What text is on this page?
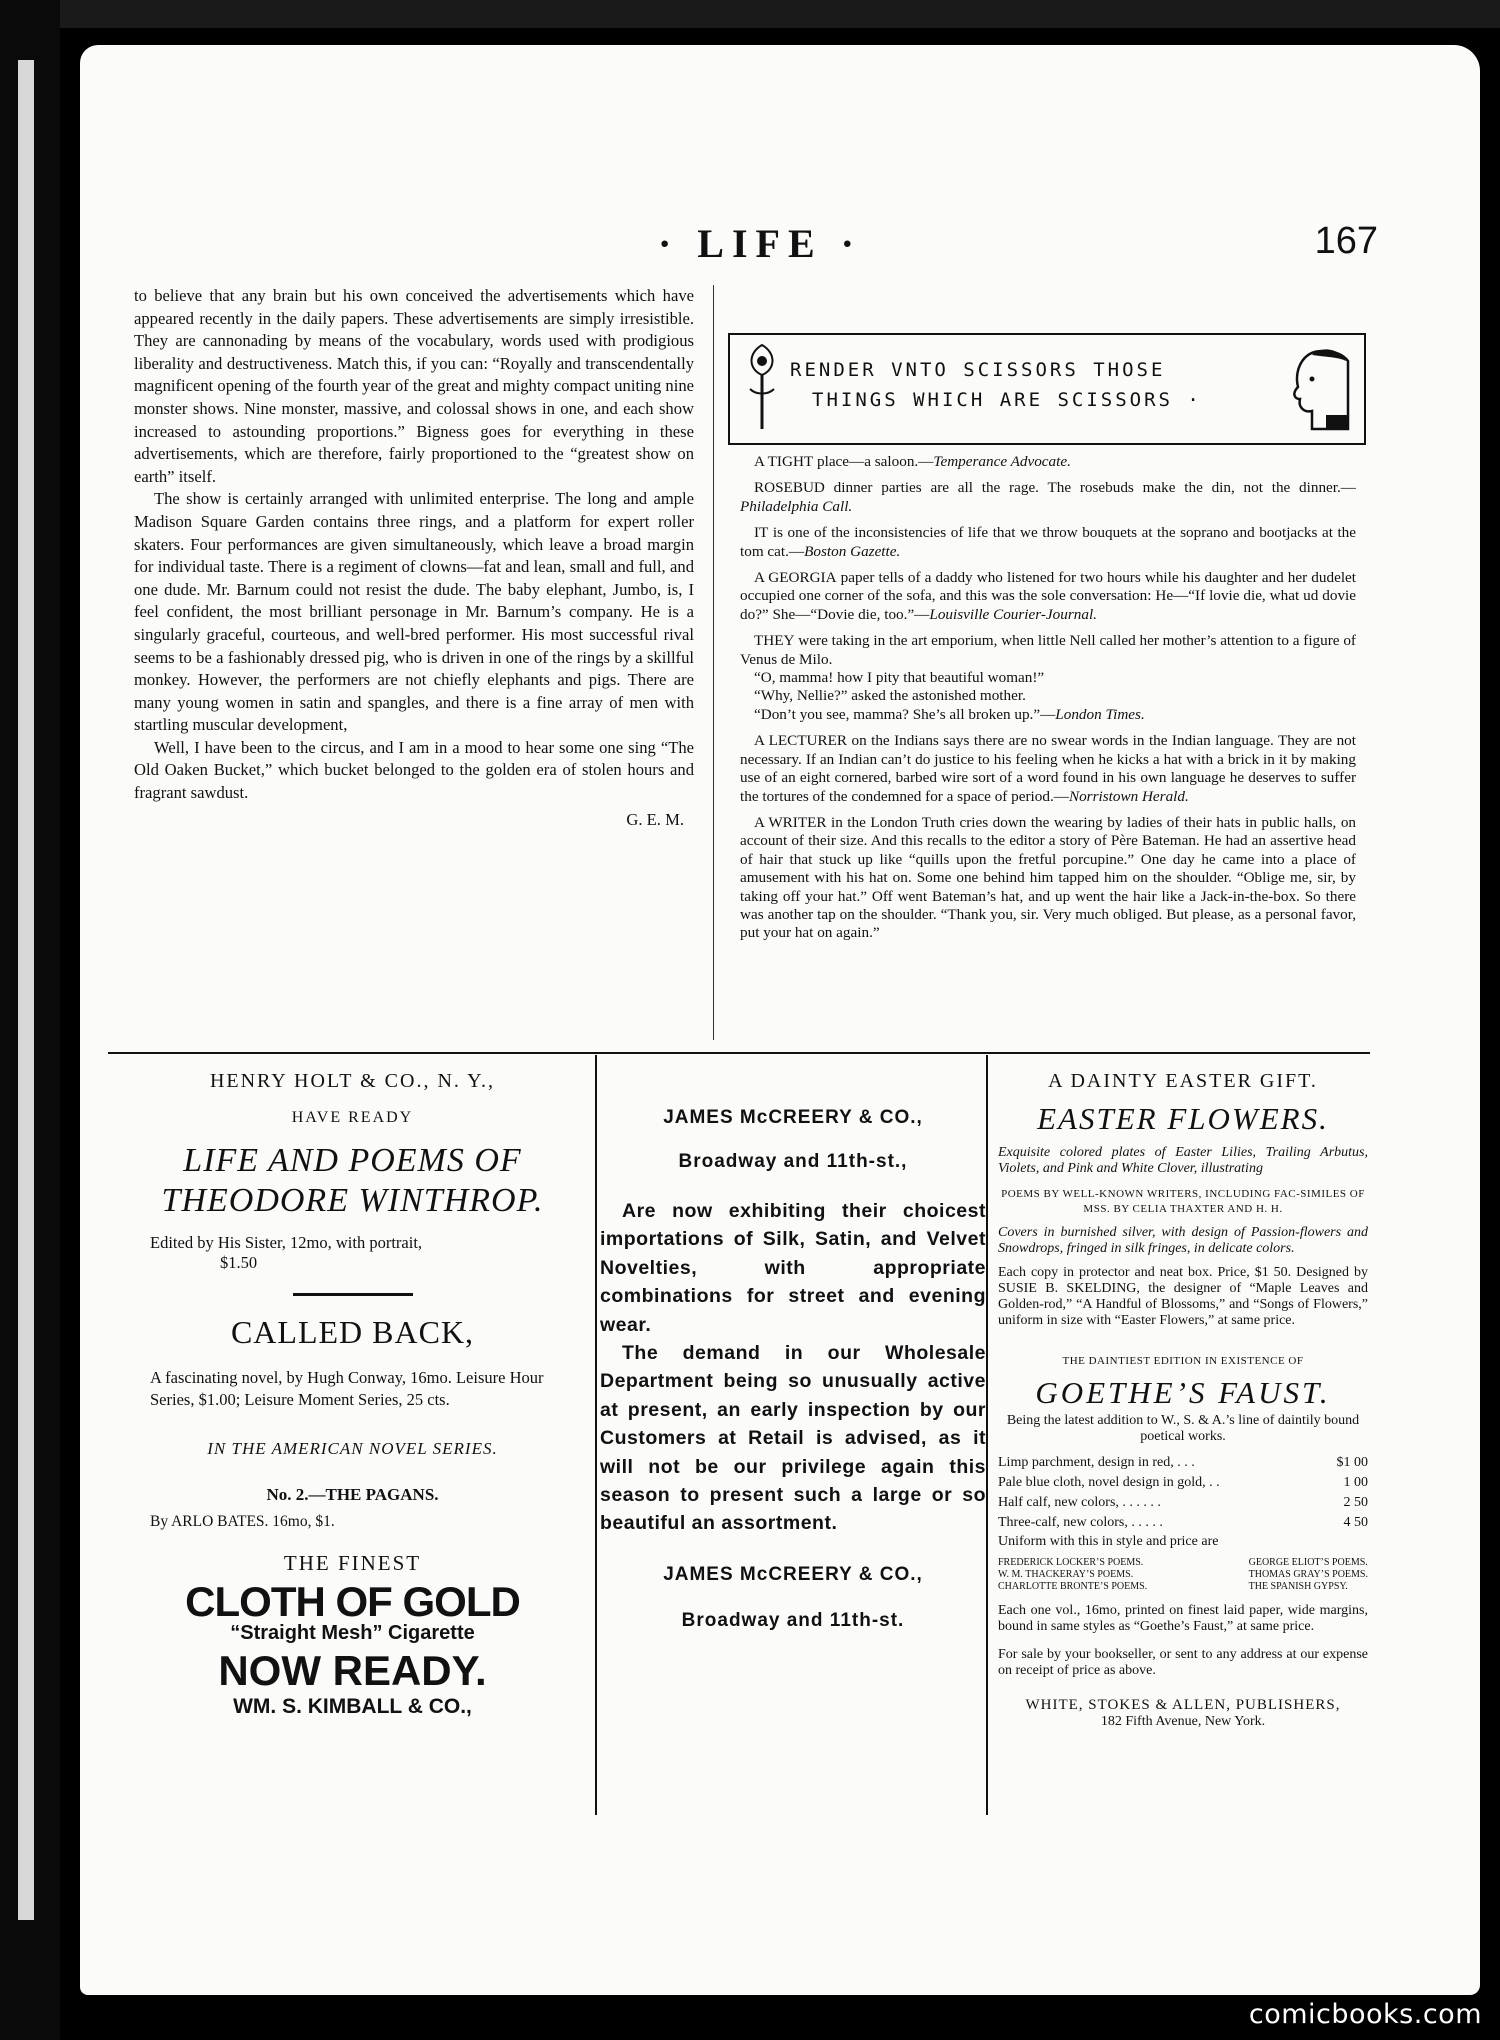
· LIFE ·	167

to believe that any brain but his own conceived the advertisements which have appeared recently in the daily papers. These advertisements are simply irresistible. They are cannonading by means of the vocabulary, words used with prodigious liberality and destructiveness. Match this, if you can: “Royally and transcendentally magnificent opening of the fourth year of the great and mighty compact uniting nine monster shows. Nine monster, massive, and colossal shows in one, and each show increased to astounding proportions.” Bigness goes for everything in these advertisements, which are therefore, fairly proportioned to the “greatest show on earth” itself.

The show is certainly arranged with unlimited enterprise. The long and ample Madison Square Garden contains three rings, and a platform for expert roller skaters. Four performances are given simultaneously, which leave a broad margin for individual taste. There is a regiment of clowns—fat and lean, small and full, and one dude. Mr. Barnum could not resist the dude. The baby elephant, Jumbo, is, I feel confident, the most brilliant personage in Mr. Barnum’s company. He is a singularly graceful, courteous, and well-bred performer. His most successful rival seems to be a fashionably dressed pig, who is driven in one of the rings by a skillful monkey. However, the performers are not chiefly elephants and pigs. There are many young women in satin and spangles, and there is a fine array of men with startling muscular development,

Well, I have been to the circus, and I am in a mood to hear some one sing “The Old Oaken Bucket,” which bucket belonged to the golden era of stolen hours and fragrant sawdust.

G. E. M.
RENDER VNTO SCISSORS THOSE
THINGS WHICH ARE SCISSORS ·

A TIGHT place—a saloon.—Temperance Advocate.

ROSEBUD dinner parties are all the rage. The rosebuds make the din, not the dinner.—Philadelphia Call.

IT is one of the inconsistencies of life that we throw bouquets at the soprano and bootjacks at the tom cat.—Boston Gazette.

A GEORGIA paper tells of a daddy who listened for two hours while his daughter and her dudelet occupied one corner of the sofa, and this was the sole conversation: He—“If lovie die, what ud dovie do?” She—“Dovie die, too.”—Louisville Courier-Journal.

THEY were taking in the art emporium, when little Nell called her mother’s attention to a figure of Venus de Milo.

“O, mamma! how I pity that beautiful woman!”

“Why, Nellie?” asked the astonished mother.

“Don’t you see, mamma? She’s all broken up.”—London Times.

A LECTURER on the Indians says there are no swear words in the Indian language. They are not necessary. If an Indian can’t do justice to his feeling when he kicks a hat with a brick in it by making use of an eight cornered, barbed wire sort of a word found in his own language he deserves to suffer the tortures of the condemned for a space of period.—Norristown Herald.

A WRITER in the London Truth cries down the wearing by ladies of their hats in public halls, on account of their size. And this recalls to the editor a story of Père Bateman. He had an assertive head of hair that stuck up like “quills upon the fretful porcupine.” One day he came into a place of amusement with his hat on. Some one behind him tapped him on the shoulder. “Oblige me, sir, by taking off your hat.” Off went Bateman’s hat, and up went the hair like a Jack-in-the-box. So there was another tap on the shoulder. “Thank you, sir. Very much obliged. But please, as a personal favor, put your hat on again.”

HENRY HOLT & CO., N. Y.,
HAVE READY
LIFE AND POEMS OF THEODORE WINTHROP.
Edited by His Sister, 12mo, with portrait,
$1.50
CALLED BACK,
A fascinating novel, by Hugh Conway, 16mo. Leisure Hour Series, $1.00; Leisure Moment Series, 25 cts.
IN THE AMERICAN NOVEL SERIES.
No. 2.—THE PAGANS.
By ARLO BATES. 16mo, $1.
THE FINEST
CLOTH OF GOLD
“Straight Mesh” Cigarette
NOW READY.
WM. S. KIMBALL & CO.,
JAMES McCREERY & CO.,
Broadway and 11th-st.,

Are now exhibiting their choicest importations of Silk, Satin, and Velvet Novelties, with appropriate combinations for street and evening wear.

The demand in our Wholesale Department being so unusually active at present, an early inspection by our Customers at Retail is advised, as it will not be our privilege again this season to present such a large or so beautiful an assortment.

JAMES McCREERY & CO.,
Broadway and 11th-st.
A DAINTY EASTER GIFT.
EASTER FLOWERS.
Exquisite colored plates of Easter Lilies, Trailing Arbutus, Violets, and Pink and White Clover, illustrating
POEMS BY WELL-KNOWN WRITERS, INCLUDING FAC-SIMILES OF MSS. BY CELIA THAXTER AND H. H.
Covers in burnished silver, with design of Passion-flowers and Snowdrops, fringed in silk fringes, in delicate colors.
Each copy in protector and neat box. Price, $1 50. Designed by SUSIE B. SKELDING, the designer of “Maple Leaves and Golden-rod,” “A Handful of Blossoms,” and “Songs of Flowers,” uniform in size with “Easter Flowers,” at same price.
THE DAINTIEST EDITION IN EXISTENCE OF
GOETHE’S FAUST.
Being the latest addition to W., S. & A.’s line of daintily bound poetical works.
Limp parchment, design in red, . . .	$1 00
Pale blue cloth, novel design in gold, . .	1 00
Half calf, new colors, . . . . . .	2 50
Three-calf, new colors, . . . . .	4 50
Uniform with this in style and price are
FREDERICK LOCKER’S POEMS.
W. M. THACKERAY’S POEMS.
CHARLOTTE BRONTE’S POEMS.
GEORGE ELIOT’S POEMS.
THOMAS GRAY’S POEMS.
THE SPANISH GYPSY.
Each one vol., 16mo, printed on finest laid paper, wide margins, bound in same styles as “Goethe’s Faust,” at same price.
For sale by your bookseller, or sent to any address at our expense on receipt of price as above.
WHITE, STOKES & ALLEN, PUBLISHERS,
182 Fifth Avenue, New York.
comicbooks.com
